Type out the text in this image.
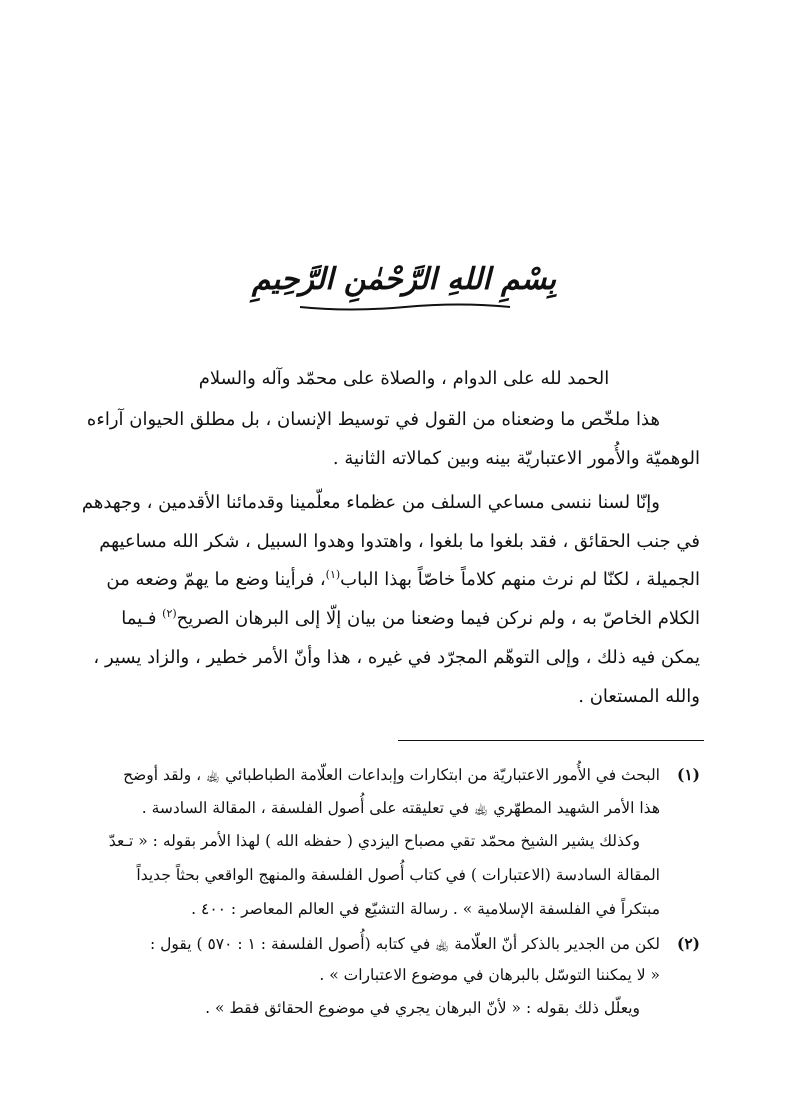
بِسْمِ اللهِ الرَّحْمٰنِ الرَّحِيمِ
الحمد لله على الدوام ، والصلاة على محمّد وآله والسلام
هذا ملخّص ما وضعناه من القول في توسيط الإنسان ، بل مطلق الحيوان آراءه
الوهميّة والأُمور الاعتباريّة بينه وبين كمالاته الثانية .
وإنّا لسنا ننسى مساعي السلف من عظماء معلّمينا وقدمائنا الأقدمين ، وجهدهم
في جنب الحقائق ، فقد بلغوا ما بلغوا ، واهتدوا وهدوا السبيل ، شكر الله مساعيهم
الجميلة ، لكنّا لم نرث منهم كلاماً خاصّاً بهذا الباب$^{(١)}$، فرأينا وضع ما يهمّ وضعه من
الكلام الخاصّ به ، ولم نركن فيما وضعنا من بيان إلّا إلى البرهان الصريح$^{(٢)}$ فـيما
يمكن فيه ذلك ، وإلى التوهّم المجرّد في غيره ، هذا وأنّ الأمر خطير ، والزاد يسير ،
والله المستعان .
(١)
البحث في الأُمور الاعتباريّة من ابتكارات وإبداعات العلّامة الطباطبائي ﵀ ، ولقد أوضح
هذا الأمر الشهيد المطهّري ﵀ في تعليقته على أُصول الفلسفة ، المقالة السادسة .
وكذلك يشير الشيخ محمّد تقي مصباح اليزدي ( حفظه الله ) لهذا الأمر بقوله : « تـعدّ
المقالة السادسة (الاعتبارات ) في كتاب أُصول الفلسفة والمنهج الواقعي بحثاً جديداً
مبتكراً في الفلسفة الإسلامية » . رسالة التشيّع في العالم المعاصر : ٤٠٠ .
(٢)
لكن من الجدير بالذكر أنّ العلّامة ﵀ في كتابه (أُصول الفلسفة : ١ : ٥٧٠ ) يقول :
« لا يمكننا التوسّل بالبرهان في موضوع الاعتبارات » .
ويعلّل ذلك بقوله : « لأنّ البرهان يجري في موضوع الحقائق فقط » .
